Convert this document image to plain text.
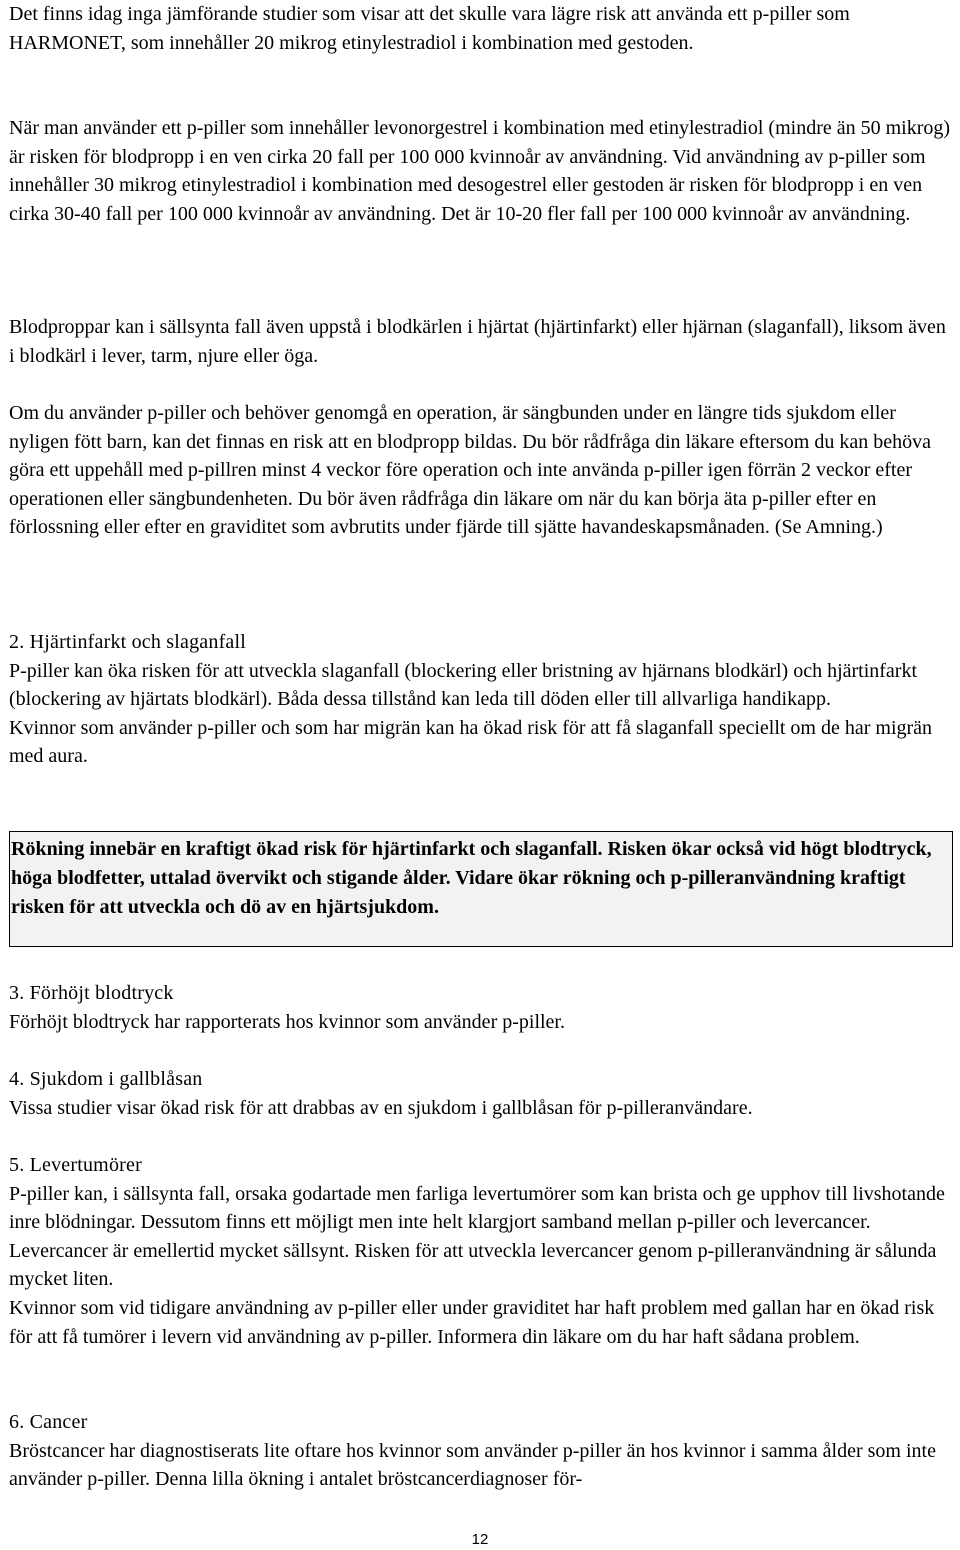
Det finns idag inga jämförande studier som visar att det skulle vara lägre risk att använda ett p-piller som HARMONET, som innehåller 20 mikrog etinylestradiol i kombination med gestoden.

När man använder ett p-piller som innehåller levonorgestrel i kombination med etinylestradiol (mindre än 50 mikrog) är risken för blodpropp i en ven cirka 20 fall per 100 000 kvinnoår av användning. Vid användning av p-piller som innehåller 30 mikrog etinylestradiol i kombination med desogestrel eller gestoden är risken för blodpropp i en ven cirka 30-40 fall per 100 000 kvinnoår av användning. Det är 10-20 fler fall per 100 000 kvinnoår av användning.

Blodproppar kan i sällsynta fall även uppstå i blodkärlen i hjärtat (hjärtinfarkt) eller hjärnan (slaganfall), liksom även i blodkärl i lever, tarm, njure eller öga.

Om du använder p-piller och behöver genomgå en operation, är sängbunden under en längre tids sjukdom eller nyligen fött barn, kan det finnas en risk att en blodpropp bildas. Du bör rådfråga din läkare eftersom du kan behöva göra ett uppehåll med p-pillren minst 4 veckor före operation och inte använda p-piller igen förrän 2 veckor efter operationen eller sängbundenheten. Du bör även rådfråga din läkare om när du kan börja äta p-piller efter en förlossning eller efter en graviditet som avbrutits under fjärde till sjätte havandeskapsmånaden. (Se Amning.)

2. Hjärtinfarkt och slaganfall

P-piller kan öka risken för att utveckla slaganfall (blockering eller bristning av hjärnans blodkärl) och hjärtinfarkt (blockering av hjärtats blodkärl). Båda dessa tillstånd kan leda till döden eller till allvarliga handikapp.

Kvinnor som använder p-piller och som har migrän kan ha ökad risk för att få slaganfall speciellt om de har migrän med aura.

Rökning innebär en kraftigt ökad risk för hjärtinfarkt och slaganfall. Risken ökar också vid högt blodtryck, höga blodfetter, uttalad övervikt och stigande ålder. Vidare ökar rökning och p-pilleranvändning kraftigt risken för att utveckla och dö av en hjärtsjukdom.

3. Förhöjt blodtryck

Förhöjt blodtryck har rapporterats hos kvinnor som använder p-piller.

4. Sjukdom i gallblåsan

Vissa studier visar ökad risk för att drabbas av en sjukdom i gallblåsan för p-pilleranvändare.

5. Levertumörer

P-piller kan, i sällsynta fall, orsaka godartade men farliga levertumörer som kan brista och ge upphov till livshotande inre blödningar. Dessutom finns ett möjligt men inte helt klargjort samband mellan p-piller och levercancer. Levercancer är emellertid mycket sällsynt. Risken för att utveckla levercancer genom p-pilleranvändning är sålunda mycket liten.

Kvinnor som vid tidigare användning av p-piller eller under graviditet har haft problem med gallan har en ökad risk för att få tumörer i levern vid användning av p-piller. Informera din läkare om du har haft sådana problem.

6. Cancer

Bröstcancer har diagnostiserats lite oftare hos kvinnor som använder p-piller än hos kvinnor i samma ålder som inte använder p-piller. Denna lilla ökning i antalet bröstcancerdiagnoser för-

12
